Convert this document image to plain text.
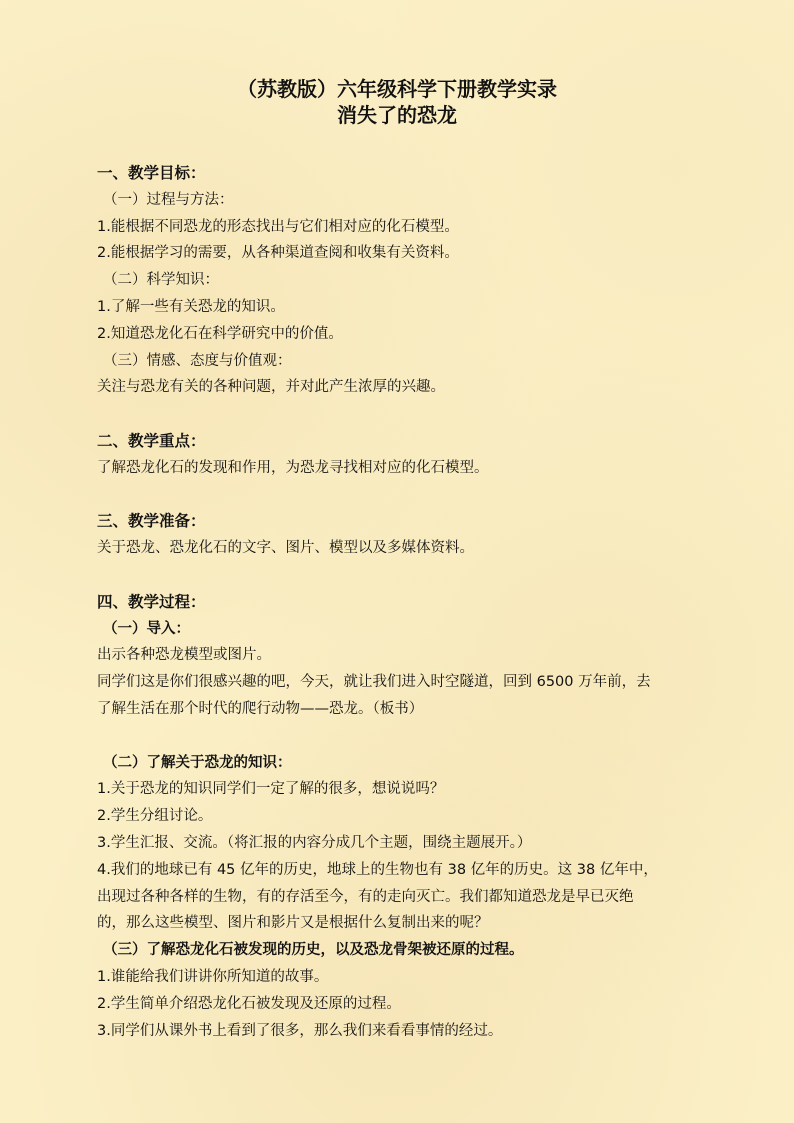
（苏教版）六年级科学下册教学实录
消失了的恐龙
一、教学目标：
（一）过程与方法：
1.能根据不同恐龙的形态找出与它们相对应的化石模型。
2.能根据学习的需要，从各种渠道查阅和收集有关资料。
（二）科学知识：
1.了解一些有关恐龙的知识。
2.知道恐龙化石在科学研究中的价值。
（三）情感、态度与价值观：
关注与恐龙有关的各种问题，并对此产生浓厚的兴趣。
二、教学重点：
了解恐龙化石的发现和作用，为恐龙寻找相对应的化石模型。
三、教学准备：
关于恐龙、恐龙化石的文字、图片、模型以及多媒体资料。
四、教学过程：
（一）导入：
出示各种恐龙模型或图片。
同学们这是你们很感兴趣的吧，今天，就让我们进入时空隧道，回到 6500 万年前，去
了解生活在那个时代的爬行动物——恐龙。（板书）
（二）了解关于恐龙的知识：
1.关于恐龙的知识同学们一定了解的很多，想说说吗？
2.学生分组讨论。
3.学生汇报、交流。（将汇报的内容分成几个主题，围绕主题展开。）
4.我们的地球已有 45 亿年的历史，地球上的生物也有 38 亿年的历史。这 38 亿年中，
出现过各种各样的生物，有的存活至今，有的走向灭亡。我们都知道恐龙是早已灭绝
的，那么这些模型、图片和影片又是根据什么复制出来的呢？
（三）了解恐龙化石被发现的历史，以及恐龙骨架被还原的过程。
1.谁能给我们讲讲你所知道的故事。
2.学生简单介绍恐龙化石被发现及还原的过程。
3.同学们从课外书上看到了很多，那么我们来看看事情的经过。
